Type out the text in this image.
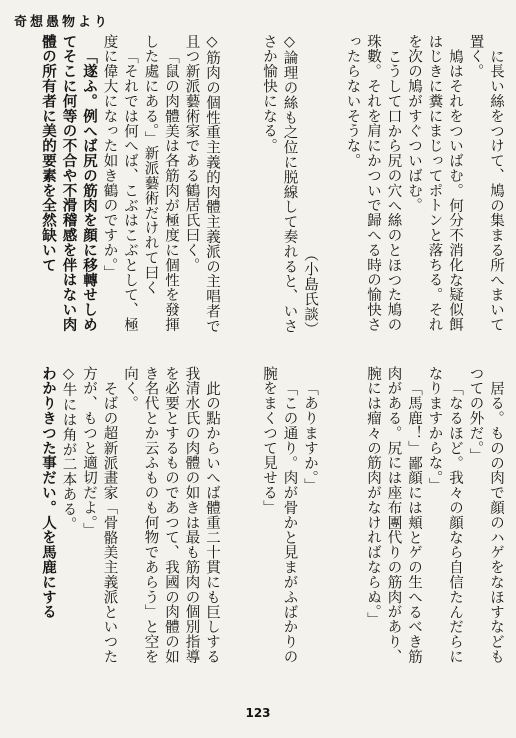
奇想愚物より

に長い絲をつけて、鳩の集まる所へまいて置く。

鳩はそれをついばむ。何分不消化な疑似餌はじきに糞にまじってポトンと落ちる。それを次の鳩がすぐついばむ。

こうして口から尻の穴へ絲のとほつた鳩の珠數。それを肩にかついで歸へる時の愉快さったらないそうな。

（小島氏談）

◇論理の絲も之位に脱線して奏れると、いささか愉快になる。

◇筋肉の個性重主義的肉體主義派の主唱者で且つ新派藝術家である鶴居氏曰く。

「鼠の肉體美は各筋肉が極度に個性を發揮した處にある。」新派藝術だけれて曰く

「それでは何へば、こぶはこぶとして、極度に偉大になった如き鶴のですか。」

「遂ふ。例へば尻の筋肉を顔に移轉せしめてそこに何等の不合や不滑稽感を伴はない肉體の所有者に美的要素を全然缺いて

居る。ものの肉で顔のハゲをなほすなどもつての外だ。」

「なるほど。我々の顔なら自信たんだらになりますからな。」

「馬鹿！」鄙顔には頬とゲの生へるべき筋肉がある。尻には座布團代りの筋肉があり、腕には瘤々の筋肉がなければならぬ。」

「ありますか。」

「この通り。肉が骨かと見まがふばかりの腕をまくつて見せる」

此の點からいへば體重二十貫にも巨しする我清水氏の肉體の如きは最も筋肉の個別指導を必要とするものであつて、我國の肉體の如き名代とか云ふものも何物であらう」と空を向く。

そばの超新派畫家「骨骼美主義派といつた方が、もつと適切だよ。」

◇牛には角が二本ある。

わかりきつた事だい。人を馬鹿にする

123
